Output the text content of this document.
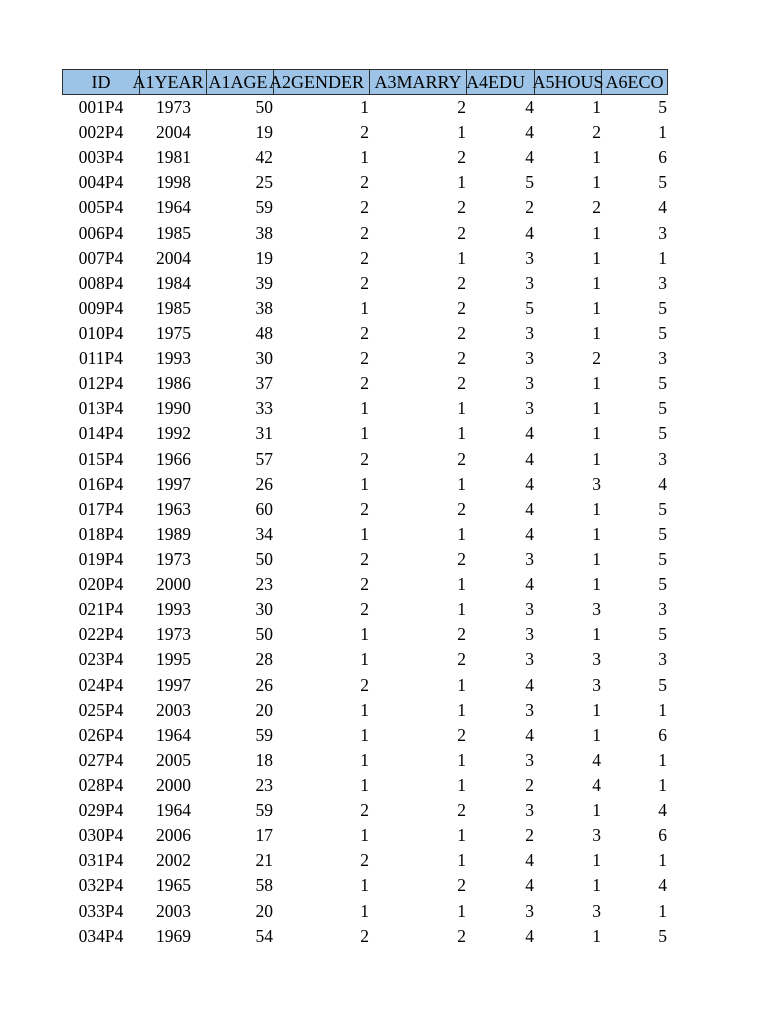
ID A1YEAR A1AGE A2GENDER A3MARRY A4EDU A5HOUS A6ECO
001P4	1973	50	1	2	4	1	5
002P4	2004	19	2	1	4	2	1
003P4	1981	42	1	2	4	1	6
004P4	1998	25	2	1	5	1	5
005P4	1964	59	2	2	2	2	4
006P4	1985	38	2	2	4	1	3
007P4	2004	19	2	1	3	1	1
008P4	1984	39	2	2	3	1	3
009P4	1985	38	1	2	5	1	5
010P4	1975	48	2	2	3	1	5
011P4	1993	30	2	2	3	2	3
012P4	1986	37	2	2	3	1	5
013P4	1990	33	1	1	3	1	5
014P4	1992	31	1	1	4	1	5
015P4	1966	57	2	2	4	1	3
016P4	1997	26	1	1	4	3	4
017P4	1963	60	2	2	4	1	5
018P4	1989	34	1	1	4	1	5
019P4	1973	50	2	2	3	1	5
020P4	2000	23	2	1	4	1	5
021P4	1993	30	2	1	3	3	3
022P4	1973	50	1	2	3	1	5
023P4	1995	28	1	2	3	3	3
024P4	1997	26	2	1	4	3	5
025P4	2003	20	1	1	3	1	1
026P4	1964	59	1	2	4	1	6
027P4	2005	18	1	1	3	4	1
028P4	2000	23	1	1	2	4	1
029P4	1964	59	2	2	3	1	4
030P4	2006	17	1	1	2	3	6
031P4	2002	21	2	1	4	1	1
032P4	1965	58	1	2	4	1	4
033P4	2003	20	1	1	3	3	1
034P4	1969	54	2	2	4	1	5
